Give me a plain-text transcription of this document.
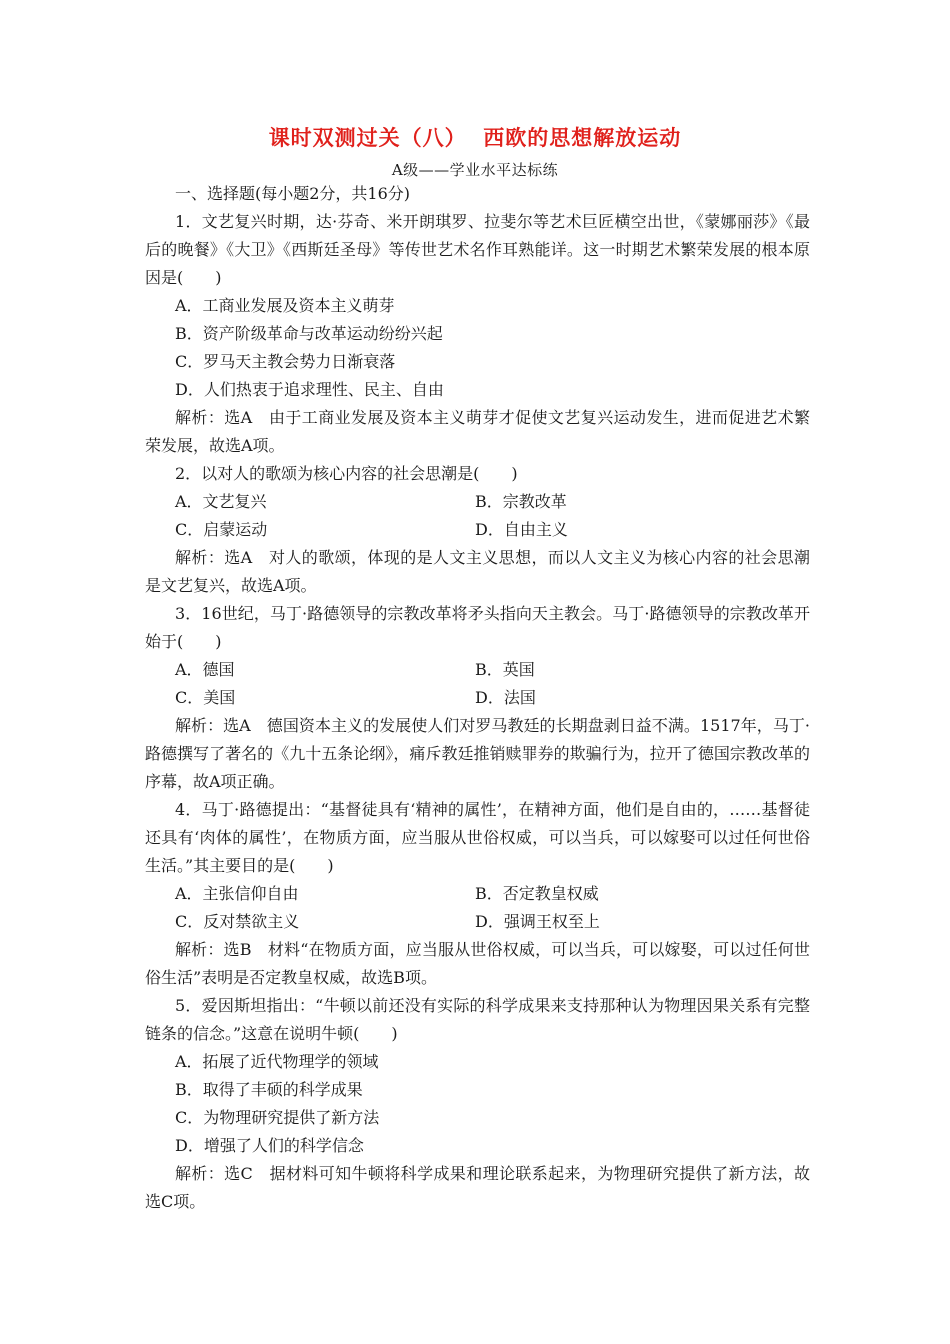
课时双测过关（八）  西欧的思想解放运动
A级——学业水平达标练
一、选择题(每小题2分，共16分)
1．文艺复兴时期，达·芬奇、米开朗琪罗、拉斐尔等艺术巨匠横空出世，《蒙娜丽莎》《最后的晚餐》《大卫》《西斯廷圣母》等传世艺术名作耳熟能详。这一时期艺术繁荣发展的根本原因是(　　)
A．工商业发展及资本主义萌芽
B．资产阶级革命与改革运动纷纷兴起
C．罗马天主教会势力日渐衰落
D．人们热衷于追求理性、民主、自由
解析：选A　由于工商业发展及资本主义萌芽才促使文艺复兴运动发生，进而促进艺术繁荣发展，故选A项。
2．以对人的歌颂为核心内容的社会思潮是(　　)
A．文艺复兴	B．宗教改革
C．启蒙运动	D．自由主义
解析：选A　对人的歌颂，体现的是人文主义思想，而以人文主义为核心内容的社会思潮是文艺复兴，故选A项。
3．16世纪，马丁·路德领导的宗教改革将矛头指向天主教会。马丁·路德领导的宗教改革开始于(　　)
A．德国	B．英国
C．美国	D．法国
解析：选A　德国资本主义的发展使人们对罗马教廷的长期盘剥日益不满。1517年，马丁·路德撰写了著名的《九十五条论纲》，痛斥教廷推销赎罪券的欺骗行为，拉开了德国宗教改革的序幕，故A项正确。
4．马丁·路德提出：“基督徒具有‘精神的属性’，在精神方面，他们是自由的，……基督徒还具有‘肉体的属性’，在物质方面，应当服从世俗权威，可以当兵，可以嫁娶可以过任何世俗生活。”其主要目的是(　　)
A．主张信仰自由	B．否定教皇权威
C．反对禁欲主义	D．强调王权至上
解析：选B　材料“在物质方面，应当服从世俗权威，可以当兵，可以嫁娶，可以过任何世俗生活”表明是否定教皇权威，故选B项。
5．爱因斯坦指出：“牛顿以前还没有实际的科学成果来支持那种认为物理因果关系有完整链条的信念。”这意在说明牛顿(　　)
A．拓展了近代物理学的领域
B．取得了丰硕的科学成果
C．为物理研究提供了新方法
D．增强了人们的科学信念
解析：选C　据材料可知牛顿将科学成果和理论联系起来，为物理研究提供了新方法，故选C项。
